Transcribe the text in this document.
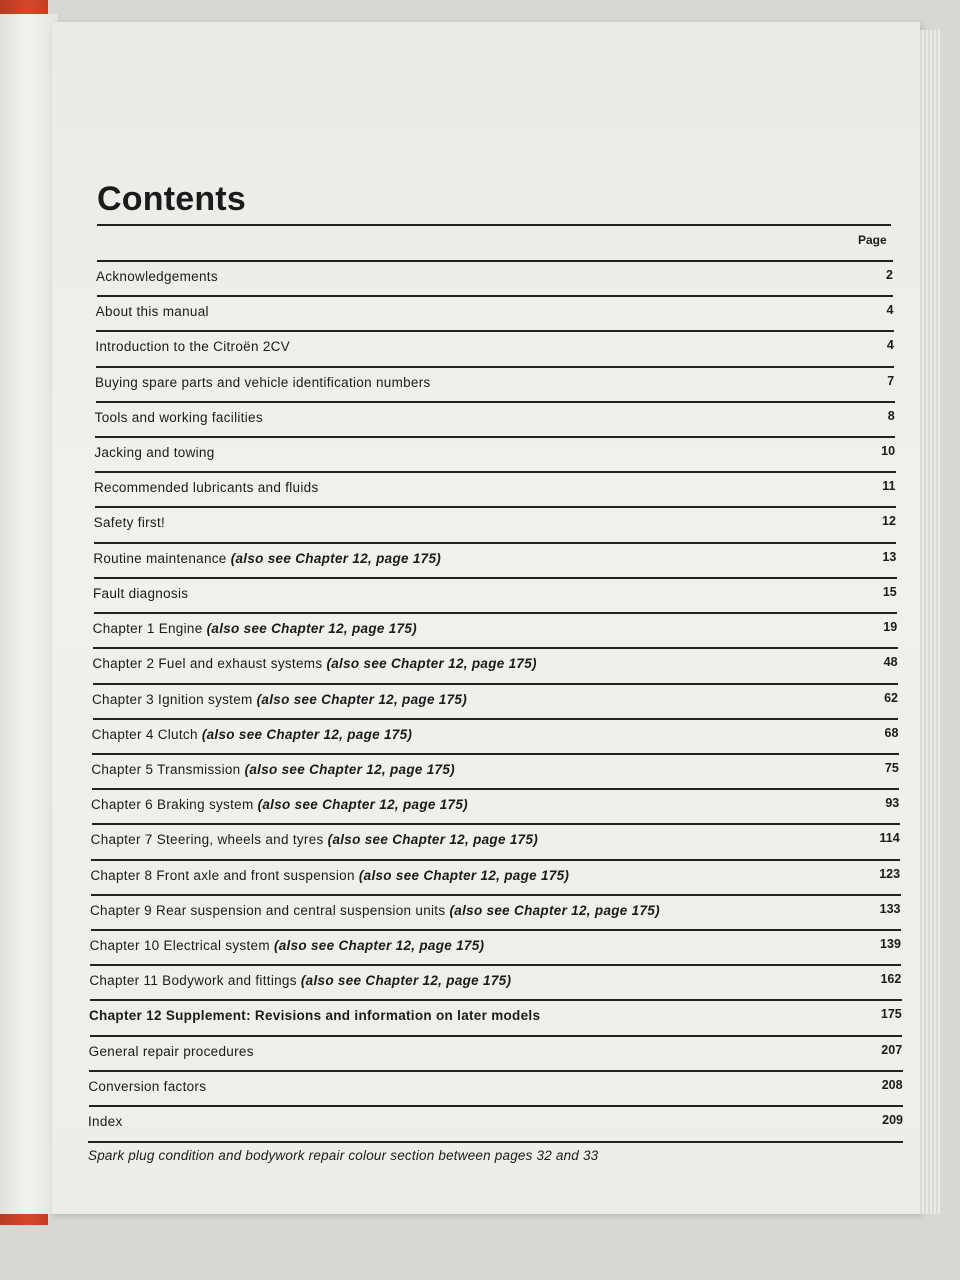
Contents
Page
Acknowledgements	2
About this manual	4
Introduction to the Citroën 2CV	4
Buying spare parts and vehicle identification numbers	7
Tools and working facilities	8
Jacking and towing	10
Recommended lubricants and fluids	11
Safety first!	12
Routine maintenance (also see Chapter 12, page 175)	13
Fault diagnosis	15
Chapter 1 Engine (also see Chapter 12, page 175)	19
Chapter 2 Fuel and exhaust systems (also see Chapter 12, page 175)	48
Chapter 3 Ignition system (also see Chapter 12, page 175)	62
Chapter 4 Clutch (also see Chapter 12, page 175)	68
Chapter 5 Transmission (also see Chapter 12, page 175)	75
Chapter 6 Braking system (also see Chapter 12, page 175)	93
Chapter 7 Steering, wheels and tyres (also see Chapter 12, page 175)	114
Chapter 8 Front axle and front suspension (also see Chapter 12, page 175)	123
Chapter 9 Rear suspension and central suspension units (also see Chapter 12, page 175)	133
Chapter 10 Electrical system (also see Chapter 12, page 175)	139
Chapter 11 Bodywork and fittings (also see Chapter 12, page 175)	162
Chapter 12 Supplement: Revisions and information on later models	175
General repair procedures	207
Conversion factors	208
Index	209
Spark plug condition and bodywork repair colour section between pages 32 and 33
